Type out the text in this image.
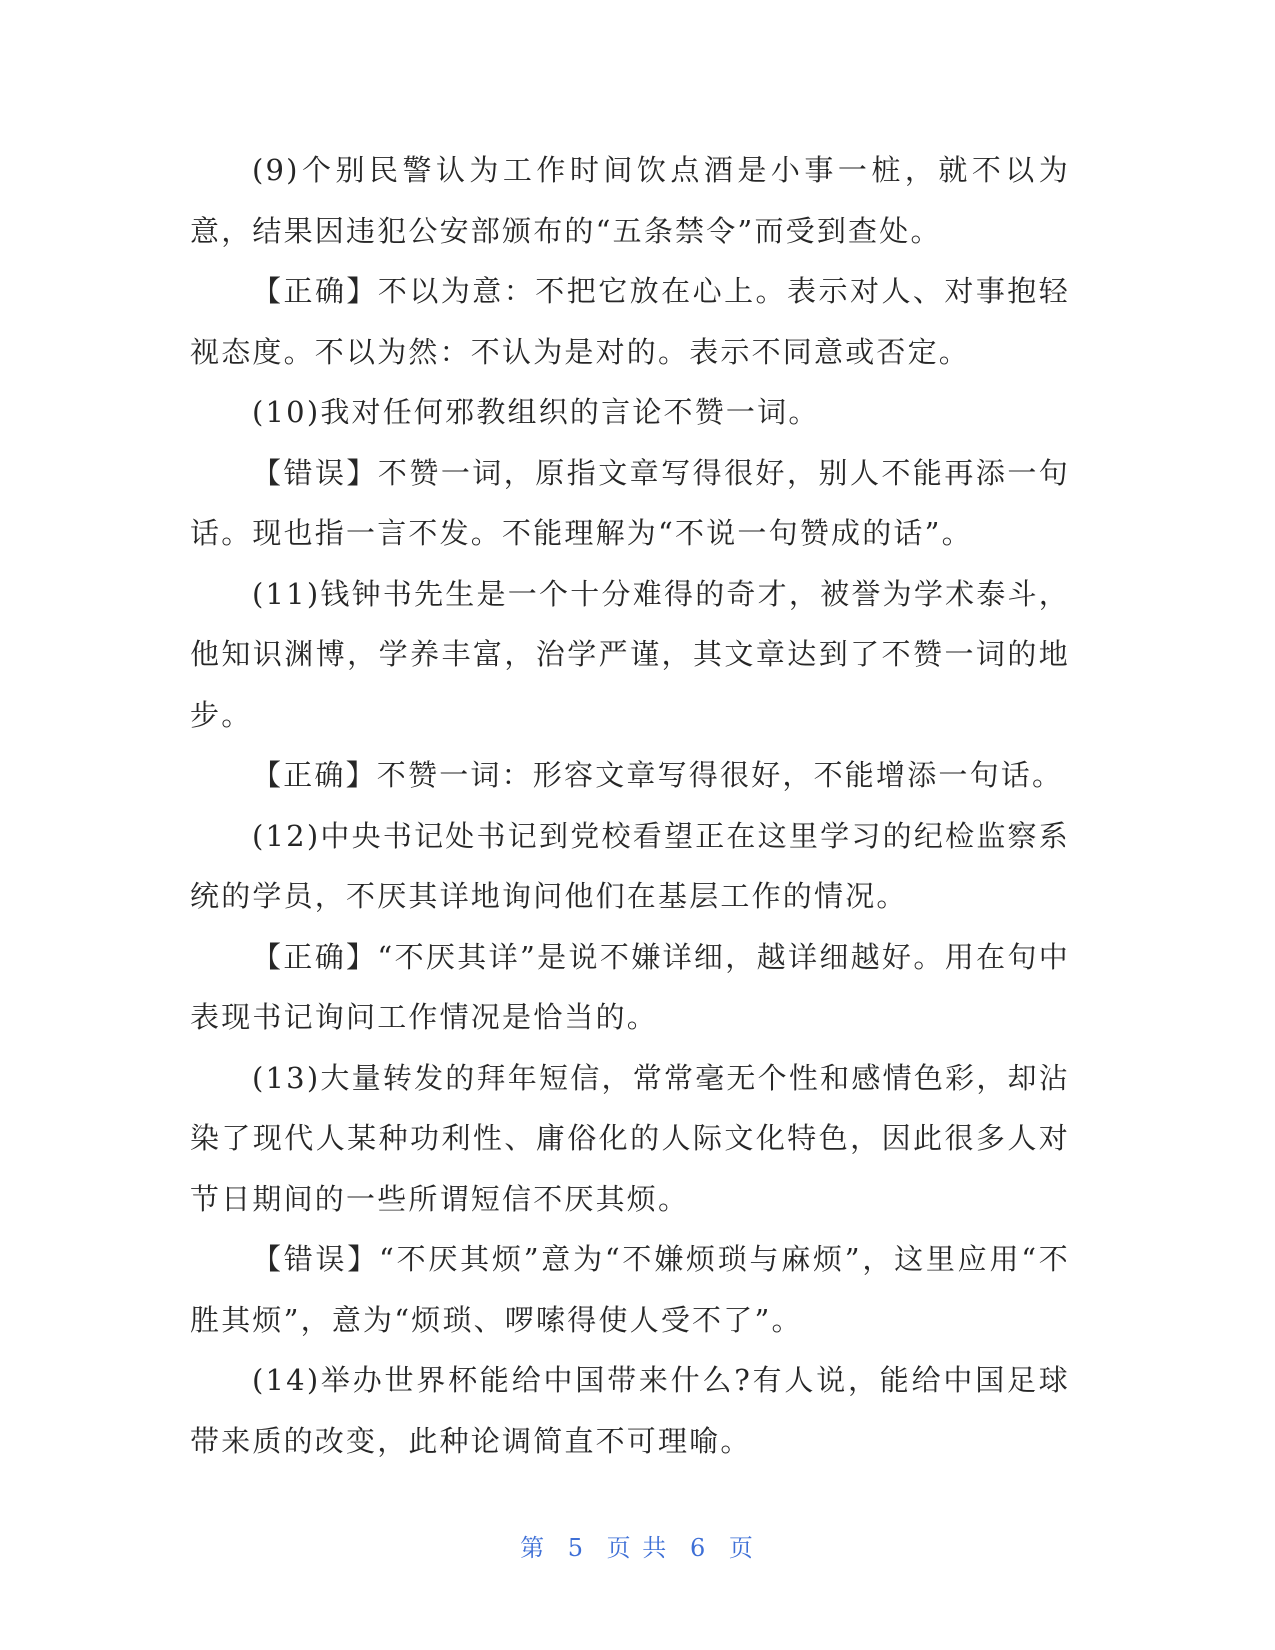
(9)个别民警认为工作时间饮点酒是小事一桩，就不以为意，结果因违犯公安部颁布的“五条禁令”而受到查处。

【正确】不以为意：不把它放在心上。表示对人、对事抱轻视态度。不以为然：不认为是对的。表示不同意或否定。

(10)我对任何邪教组织的言论不赞一词。

【错误】不赞一词，原指文章写得很好，别人不能再添一句话。现也指一言不发。不能理解为“不说一句赞成的话”。

(11)钱钟书先生是一个十分难得的奇才，被誉为学术泰斗，他知识渊博，学养丰富，治学严谨，其文章达到了不赞一词的地步。

【正确】不赞一词：形容文章写得很好，不能增添一句话。

(12)中央书记处书记到党校看望正在这里学习的纪检监察系统的学员，不厌其详地询问他们在基层工作的情况。

【正确】“不厌其详”是说不嫌详细，越详细越好。用在句中表现书记询问工作情况是恰当的。

(13)大量转发的拜年短信，常常毫无个性和感情色彩，却沾染了现代人某种功利性、庸俗化的人际文化特色，因此很多人对节日期间的一些所谓短信不厌其烦。

【错误】“不厌其烦”意为“不嫌烦琐与麻烦”，这里应用“不胜其烦”，意为“烦琐、啰嗦得使人受不了”。

(14)举办世界杯能给中国带来什么?有人说，能给中国足球带来质的改变，此种论调简直不可理喻。

第 5 页 共 6 页
